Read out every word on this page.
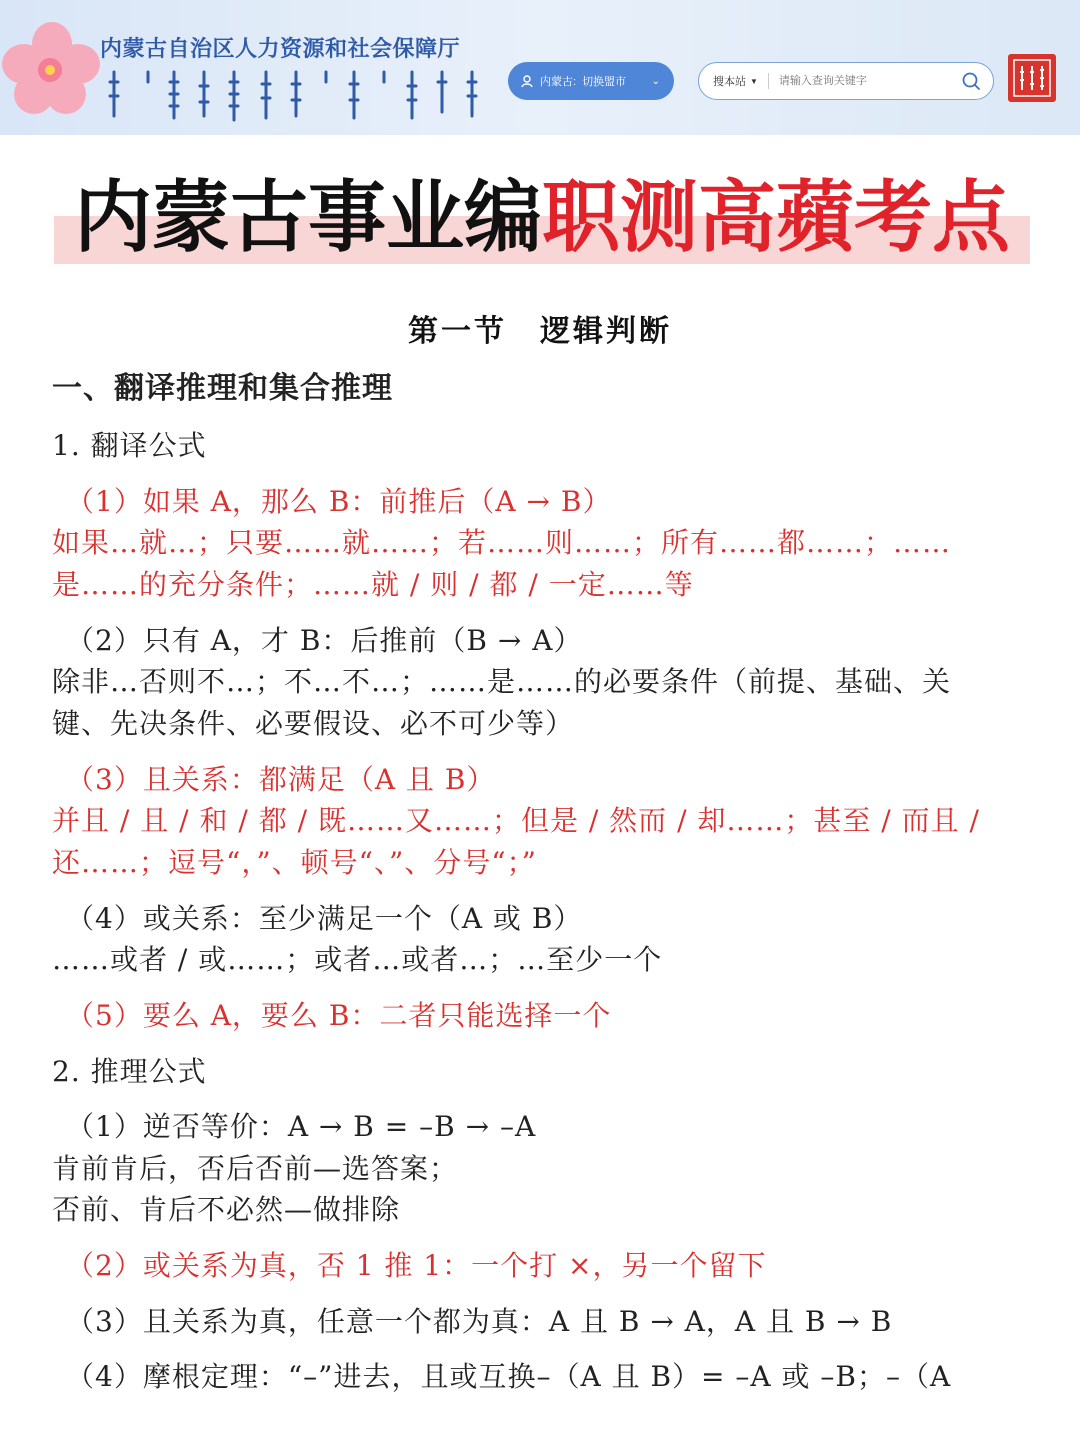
内蒙古自治区人力资源和社会保障厅
内蒙古: 切换盟市	⌄	搜本站 ▼
请输入查询关键字
内蒙古事业编职测高蘋考点
第一节　逻辑判断
一、翻译推理和集合推理
1. 翻译公式
（1）如果 A，那么 B：前推后（A → B）
如果…就…；只要……就……；若……则……；所有……都……；……
是……的充分条件；……就 / 则 / 都 / 一定……等
（2）只有 A，才 B：后推前（B → A）
除非…否则不…；不…不…；……是……的必要条件（前提、基础、关
键、先决条件、必要假设、必不可少等）
（3）且关系：都满足（A 且 B）
并且 / 且 / 和 / 都 / 既……又……；但是 / 然而 / 却……；甚至 / 而且 /
还……；逗号“，”、顿号“、”、分号“；”
（4）或关系：至少满足一个（A 或 B）
……或者 / 或……；或者…或者…；…至少一个
（5）要么 A，要么 B：二者只能选择一个
2. 推理公式
（1）逆否等价：A → B = –B → –A
肯前肯后，否后否前—选答案；
否前、肯后不必然—做排除
（2）或关系为真，否 1 推 1：一个打 ×，另一个留下
（3）且关系为真，任意一个都为真：A 且 B → A，A 且 B → B
（4）摩根定理：“–”进去，且或互换–（A 且 B）= –A 或 –B；–（A
